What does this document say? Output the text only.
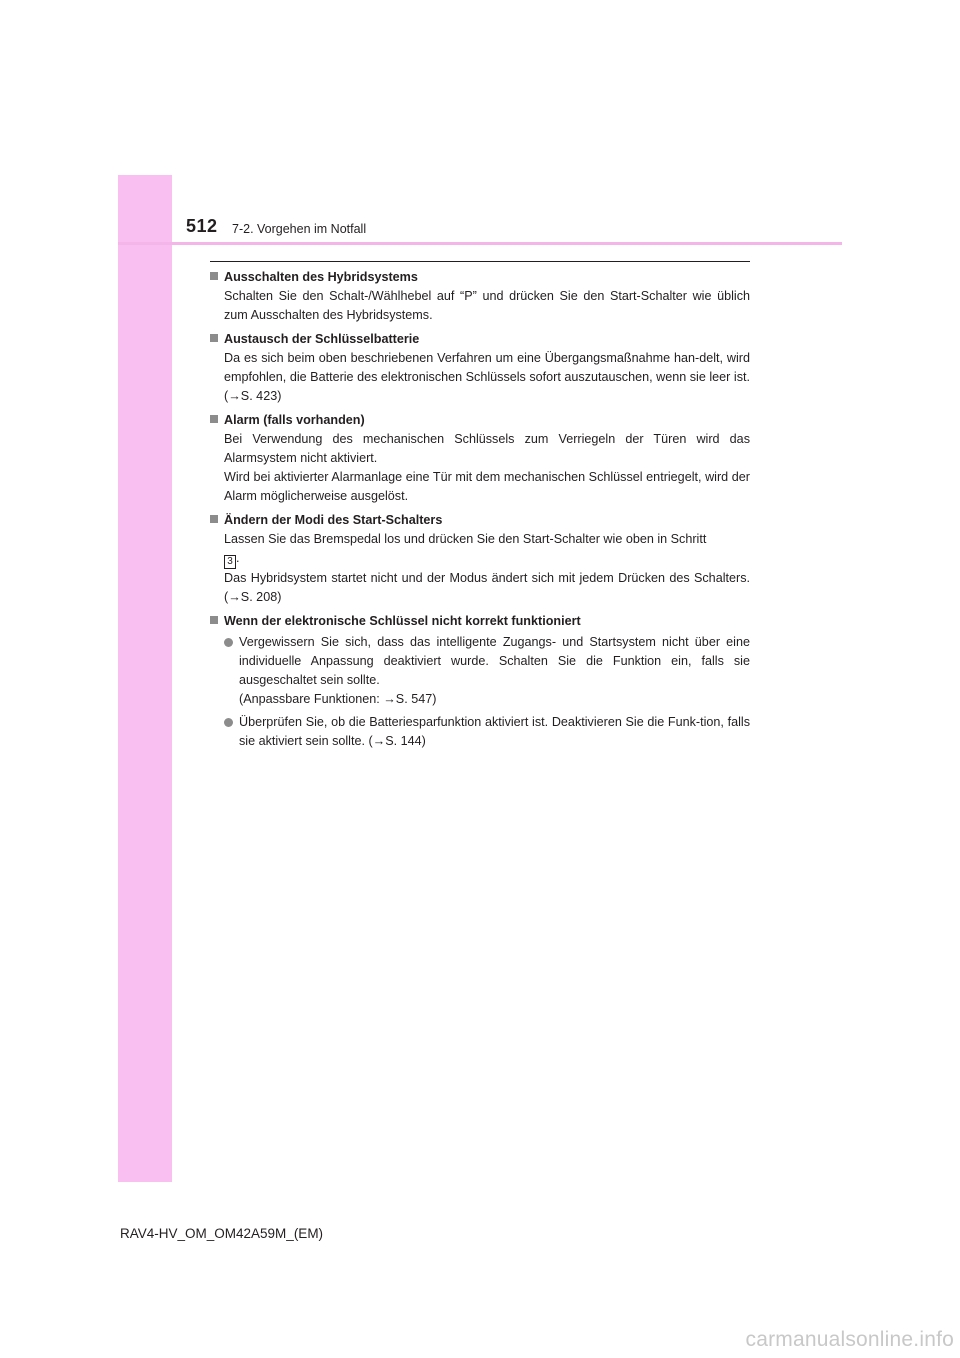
512 7-2. Vorgehen im Notfall
Ausschalten des Hybridsystems
Schalten Sie den Schalt-/Wählhebel auf “P” und drücken Sie den Start-Schalter wie üblich zum Ausschalten des Hybridsystems.
Austausch der Schlüsselbatterie
Da es sich beim oben beschriebenen Verfahren um eine Übergangsmaßnahme han-delt, wird empfohlen, die Batterie des elektronischen Schlüssels sofort auszutauschen, wenn sie leer ist. (→S. 423)
Alarm (falls vorhanden)
Bei Verwendung des mechanischen Schlüssels zum Verriegeln der Türen wird das Alarmsystem nicht aktiviert.
Wird bei aktivierter Alarmanlage eine Tür mit dem mechanischen Schlüssel entriegelt, wird der Alarm möglicherweise ausgelöst.
Ändern der Modi des Start-Schalters
Lassen Sie das Bremspedal los und drücken Sie den Start-Schalter wie oben in Schritt
3 .
Das Hybridsystem startet nicht und der Modus ändert sich mit jedem Drücken des Schalters. (→S. 208)
Wenn der elektronische Schlüssel nicht korrekt funktioniert
Vergewissern Sie sich, dass das intelligente Zugangs- und Startsystem nicht über eine individuelle Anpassung deaktiviert wurde. Schalten Sie die Funktion ein, falls sie ausgeschaltet sein sollte.
(Anpassbare Funktionen: →S. 547)
Überprüfen Sie, ob die Batteriesparfunktion aktiviert ist. Deaktivieren Sie die Funk-tion, falls sie aktiviert sein sollte. (→S. 144)
RAV4-HV_OM_OM42A59M_(EM)
carmanualsonline.info
